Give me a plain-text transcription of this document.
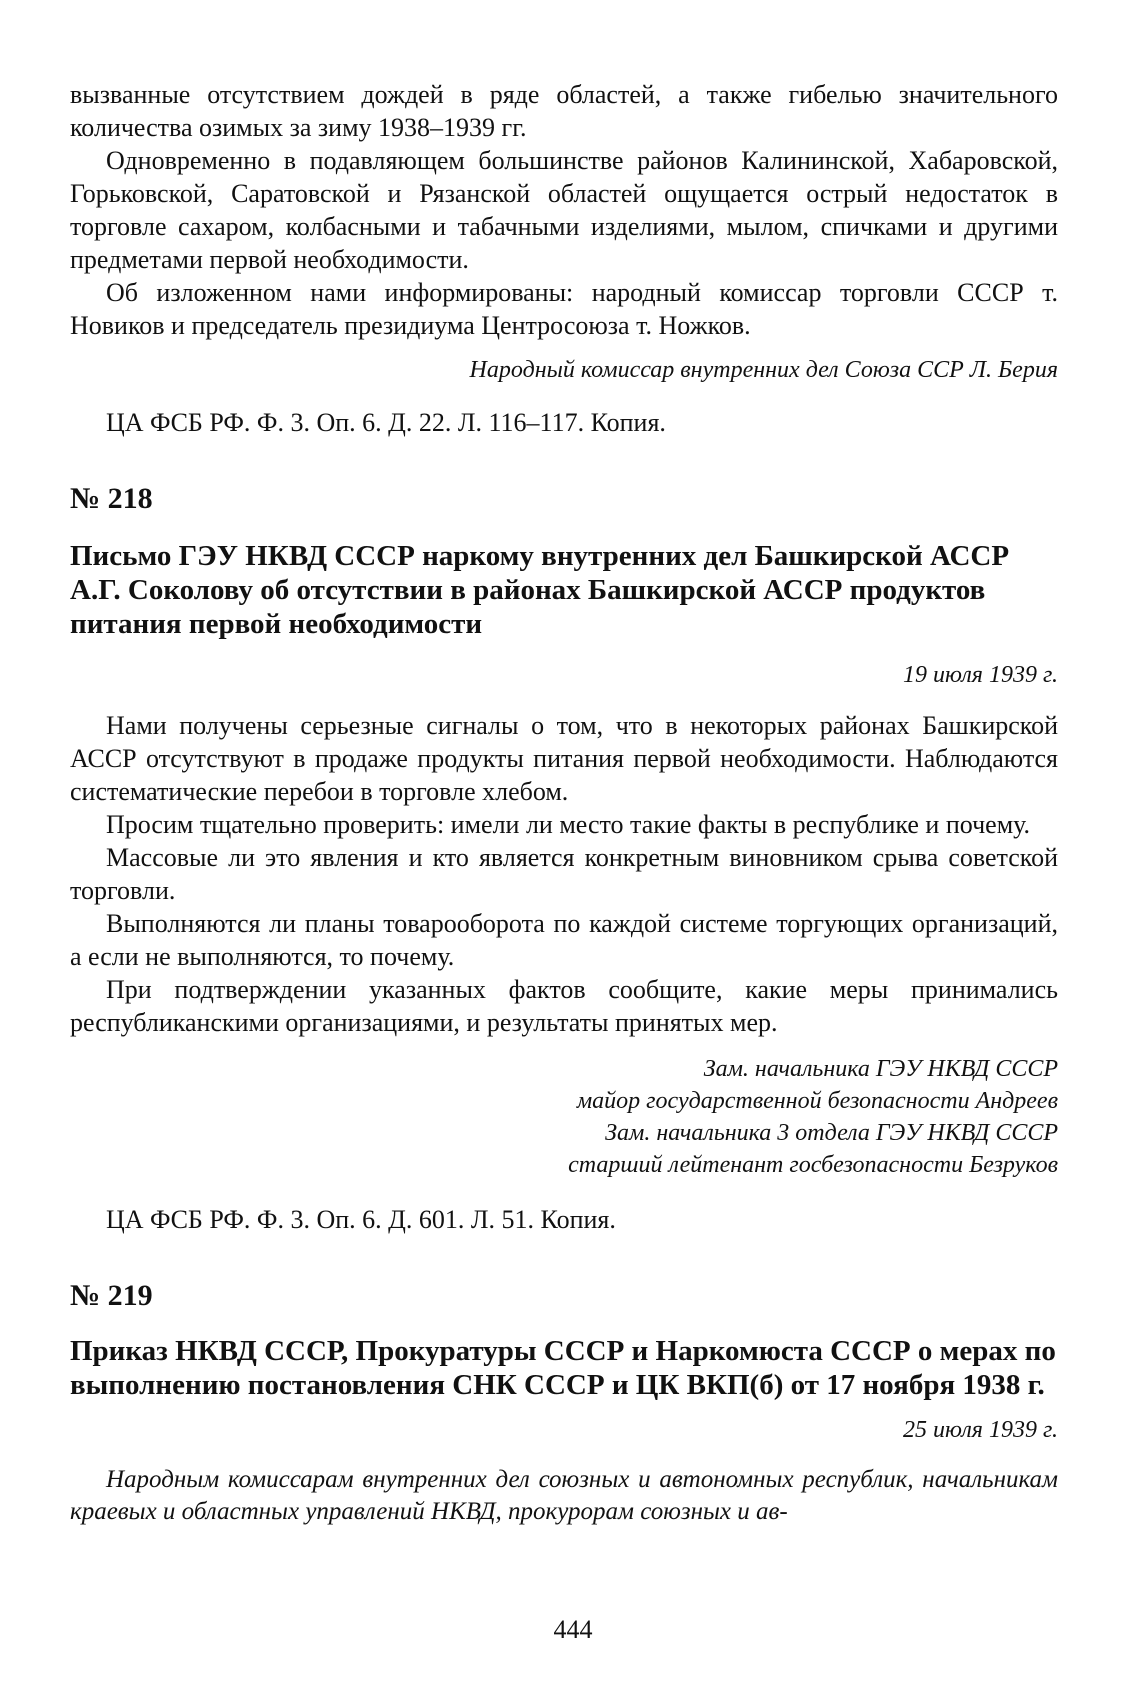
вызванные отсутствием дождей в ряде областей, а также гибелью значительного количества озимых за зиму 1938–1939 гг.

Одновременно в подавляющем большинстве районов Калининской, Хабаровской, Горьковской, Саратовской и Рязанской областей ощущается острый недостаток в торговле сахаром, колбасными и табачными изделиями, мылом, спичками и другими предметами первой необходимости.

Об изложенном нами информированы: народный комиссар торговли СССР т. Новиков и председатель президиума Центросоюза т. Ножков.

Народный комиссар внутренних дел Союза ССР Л. Берия

ЦА ФСБ РФ. Ф. 3. Оп. 6. Д. 22. Л. 116–117. Копия.

№ 218

Письмо ГЭУ НКВД СССР наркому внутренних дел Башкирской АССР А.Г. Соколову об отсутствии в районах Башкирской АССР продуктов питания первой необходимости

19 июля 1939 г.

Нами получены серьезные сигналы о том, что в некоторых районах Башкирской АССР отсутствуют в продаже продукты питания первой необходимости. Наблюдаются систематические перебои в торговле хлебом.

Просим тщательно проверить: имели ли место такие факты в республике и почему.

Массовые ли это явления и кто является конкретным виновником срыва советской торговли.

Выполняются ли планы товарооборота по каждой системе торгующих организаций, а если не выполняются, то почему.

При подтверждении указанных фактов сообщите, какие меры принимались республиканскими организациями, и результаты принятых мер.

Зам. начальника ГЭУ НКВД СССР

майор государственной безопасности Андреев

Зам. начальника 3 отдела ГЭУ НКВД СССР

старший лейтенант госбезопасности Безруков

ЦА ФСБ РФ. Ф. 3. Оп. 6. Д. 601. Л. 51. Копия.

№ 219

Приказ НКВД СССР, Прокуратуры СССР и Наркомюста СССР о мерах по выполнению постановления СНК СССР и ЦК ВКП(б) от 17 ноября 1938 г.

25 июля 1939 г.

Народным комиссарам внутренних дел союзных и автономных республик, начальникам краевых и областных управлений НКВД, прокурорам союзных и ав-

444
